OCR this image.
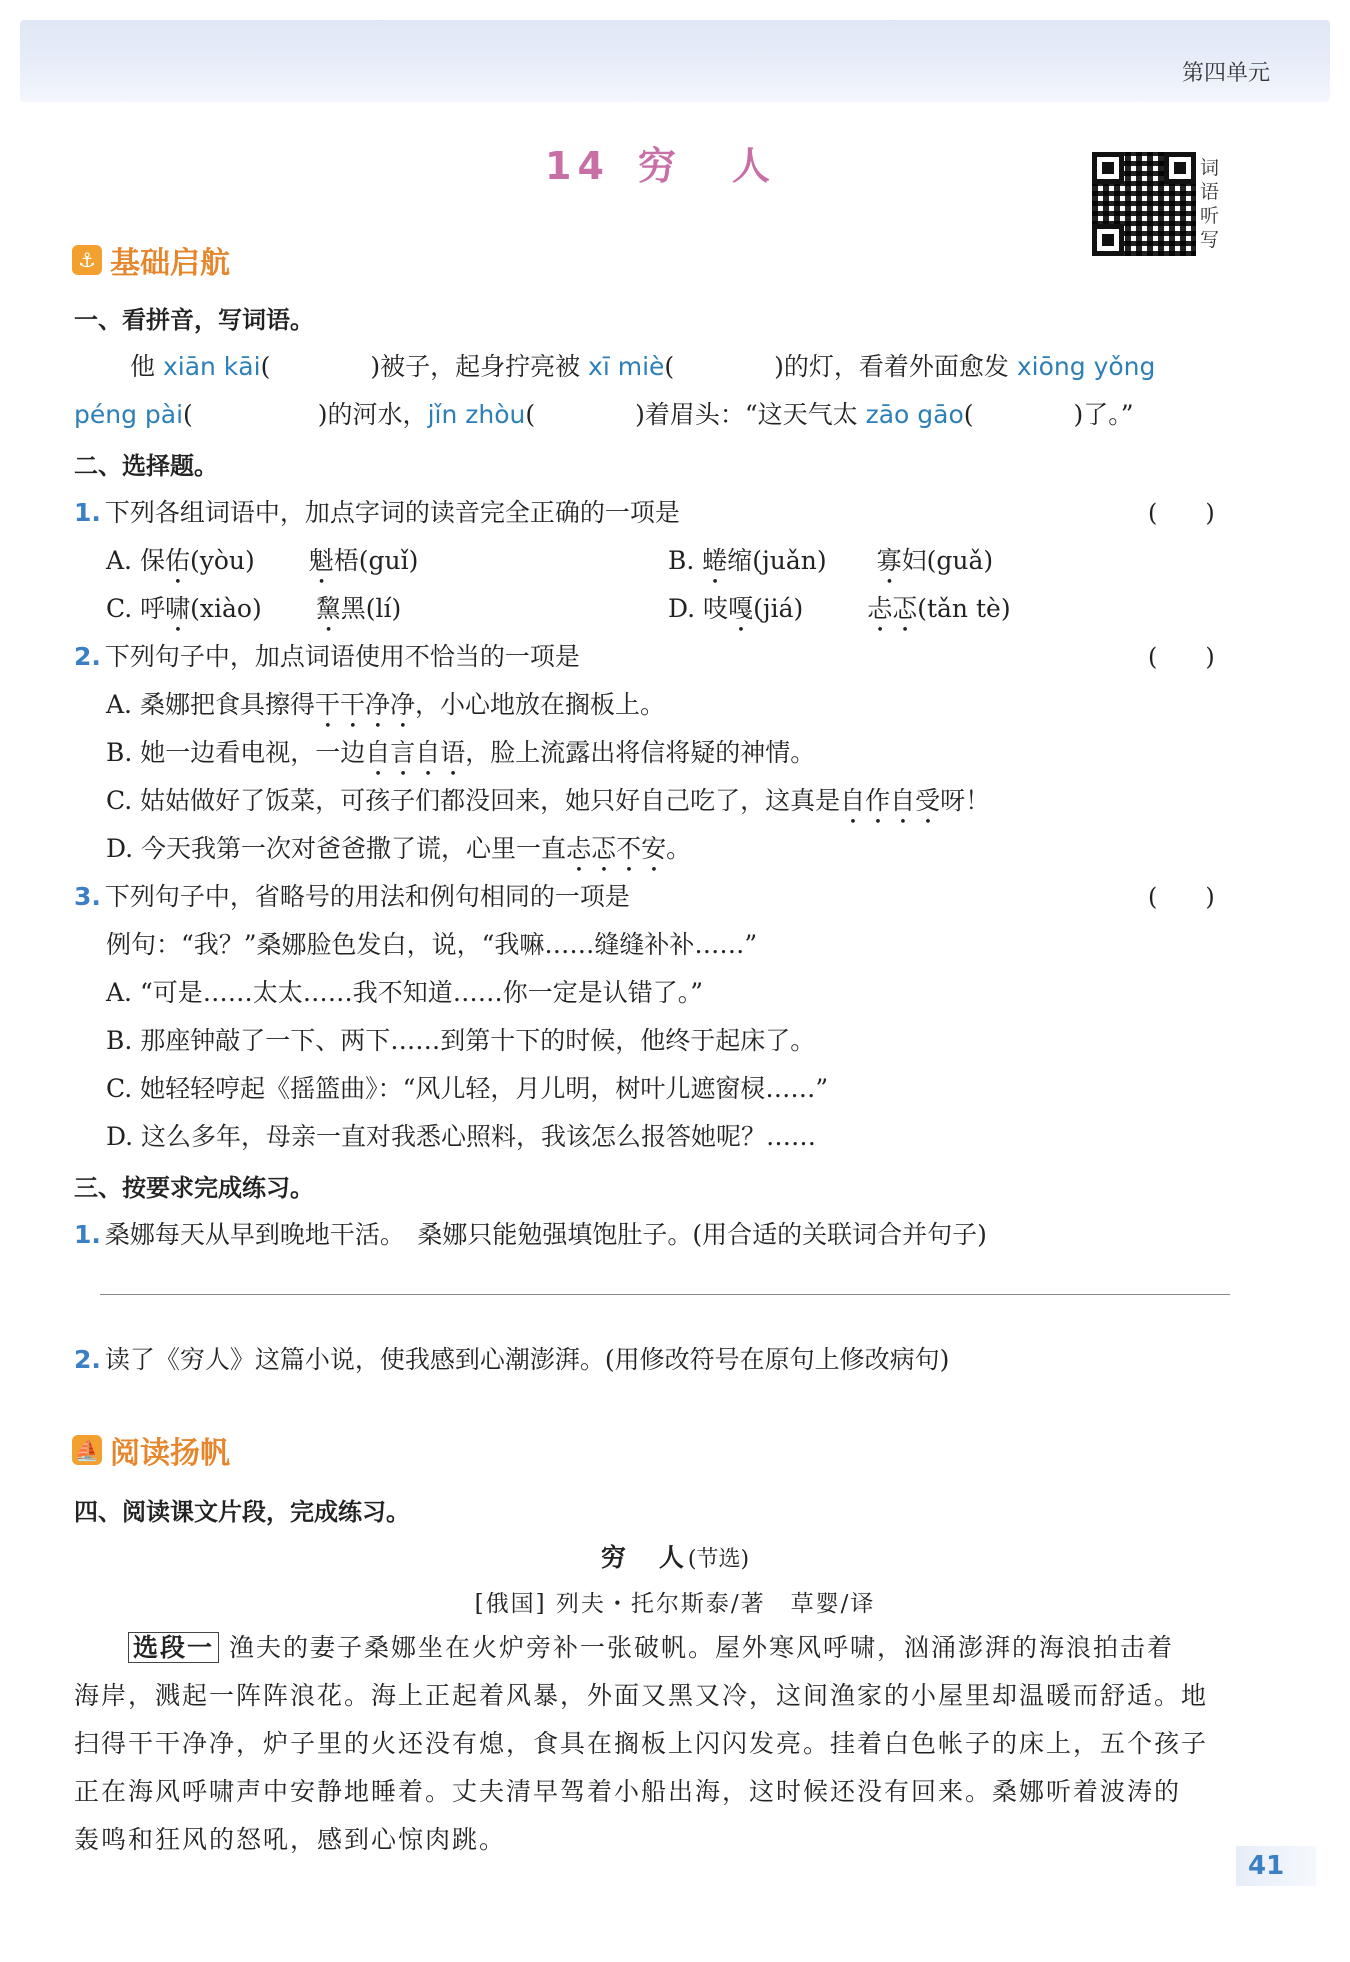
第四单元
14 穷 人	词
语
听
写
⚓ 基础启航
一、看拼音，写词语。
他 xiān kāi(　　　　)被子，起身拧亮被 xī miè(　　　　)的灯，看着外面愈发 xiōng yǒng
péng pài(　　　　　)的河水，jǐn zhòu(　　　　)着眉头：“这天气太 zāo gāo(　　　　)了。”
二、选择题。
1. 下列各组词语中，加点字词的读音完全正确的一项是	(　　)
A. 保佑(yòu) 魁梧(guǐ)	B. 蜷缩(juǎn) 寡妇(guǎ)
C. 呼啸(xiào) 黧黑(lí)	D. 吱嘎(jiá)	忐忑(tǎn tè)
2. 下列句子中，加点词语使用不恰当的一项是	(　　)
A. 桑娜把食具擦得干干净净，小心地放在搁板上。
B. 她一边看电视，一边自言自语，脸上流露出将信将疑的神情。
C. 姑姑做好了饭菜，可孩子们都没回来，她只好自己吃了，这真是自作自受呀！
D. 今天我第一次对爸爸撒了谎，心里一直忐忑不安。
3. 下列句子中，省略号的用法和例句相同的一项是	(　　)
例句：“我？”桑娜脸色发白，说，“我嘛……缝缝补补……”
A. “可是……太太……我不知道……你一定是认错了。”
B. 那座钟敲了一下、两下……到第十下的时候，他终于起床了。
C. 她轻轻哼起《摇篮曲》：“风儿轻，月儿明，树叶儿遮窗棂……”
D. 这么多年，母亲一直对我悉心照料，我该怎么报答她呢？……
三、按要求完成练习。
1. 桑娜每天从早到晚地干活。　桑娜只能勉强填饱肚子。(用合适的关联词合并句子)
2. 读了《穷人》这篇小说，使我感到心潮澎湃。(用修改符号在原句上修改病句)
⛵ 阅读扬帆
四、阅读课文片段，完成练习。
穷　人(节选)
[俄国] 列夫・托尔斯泰/著　草婴/译
选段一 渔夫的妻子桑娜坐在火炉旁补一张破帆。屋外寒风呼啸，汹涌澎湃的海浪拍击着
海岸，溅起一阵阵浪花。海上正起着风暴，外面又黑又冷，这间渔家的小屋里却温暖而舒适。地
扫得干干净净，炉子里的火还没有熄，食具在搁板上闪闪发亮。挂着白色帐子的床上，五个孩子
正在海风呼啸声中安静地睡着。丈夫清早驾着小船出海，这时候还没有回来。桑娜听着波涛的
轰鸣和狂风的怒吼，感到心惊肉跳。
41
